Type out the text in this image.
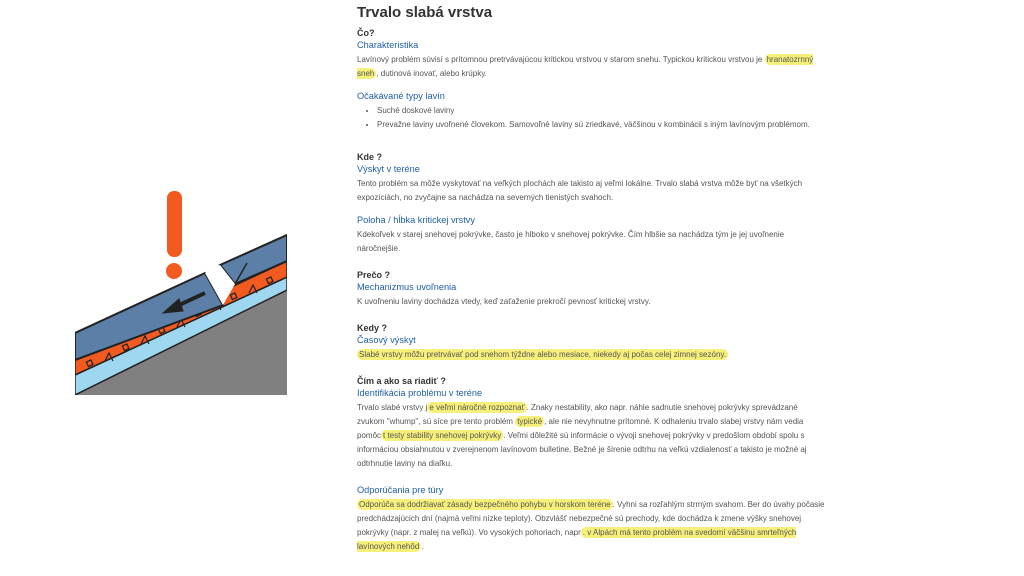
Trvalo slabá vrstva
Čo?
Charakteristika
Lavínový problém súvisí s prítomnou pretrvávajúcou kritickou vrstvou v starom snehu. Typickou kritickou vrstvou je hranatozrnný sneh , dutinová inovať, alebo krúpky.
Očakávané typy lavín
• Suché doskové laviny
• Prevažne laviny uvoľnené človekom. Samovoľné laviny sú zriedkavé, väčšinou v kombinácii s iným lavínovým problémom.
Kde ?
Výskyt v teréne
Tento problém sa môže vyskytovať na veľkých plochách ale takisto aj veľmi lokálne. Trvalo slabá vrstva môže byť na všetkých expozíciách, no zvyčajne sa nachádza na severných tienistých svahoch.
Poloha / hĺbka kritickej vrstvy
Kdekoľvek v starej snehovej pokrývke, často je hlboko v snehovej pokrývke. Čím hlbšie sa nachádza tým je jej uvoľnenie náročnejšie.
Prečo ?
Mechanizmus uvoľnenia
K uvoľneniu laviny dochádza vtedy, keď zaťaženie prekročí pevnosť kritickej vrstvy.
Kedy ?
Časový výskyt
Slabé vrstvy môžu pretrvávať pod snehom týždne alebo mesiace, niekedy aj počas celej zimnej sezóny.
Čím a ako sa riadiť ?
Identifikácia problému v teréne
Trvalo slabé vrstvy j e veľmi náročné rozpoznať . Znaky nestability, ako napr. náhle sadnutie snehovej pokrývky sprevádzané zvukom "whump", sú síce pre tento problém typické , ale nie nevyhnutne prítomné. K odhaleniu trvalo slabej vrstvy nám vedia pomôc t testy stability snehovej pokrývky . Veľmi dôležité sú informácie o vývoji snehovej pokrývky v predošlom období spolu s informáciou obsiahnutou v zverejnenom lavínovom bulletine. Bežné je šírenie odtrhu na veľkú vzdialenosť a takisto je možné aj odtrhnutie laviny na diaľku.
Odporúčania pre túry
Odporúča sa dodržiavať zásady bezpečného pohybu v horskom teréne . Vyhni sa rozľahlým strmým svahom. Ber do úvahy počasie predchádzajúcich dní (najmä veľmi nízke teploty). Obzvlášť nebezpečné sú prechody, kde dochádza k zmene výšky snehovej pokrývky (napr. z malej na veľkú). Vo vysokých pohoriach, napr . v Alpách má tento problém na svedomí väčšinu smrteľných lavínových nehôd .
